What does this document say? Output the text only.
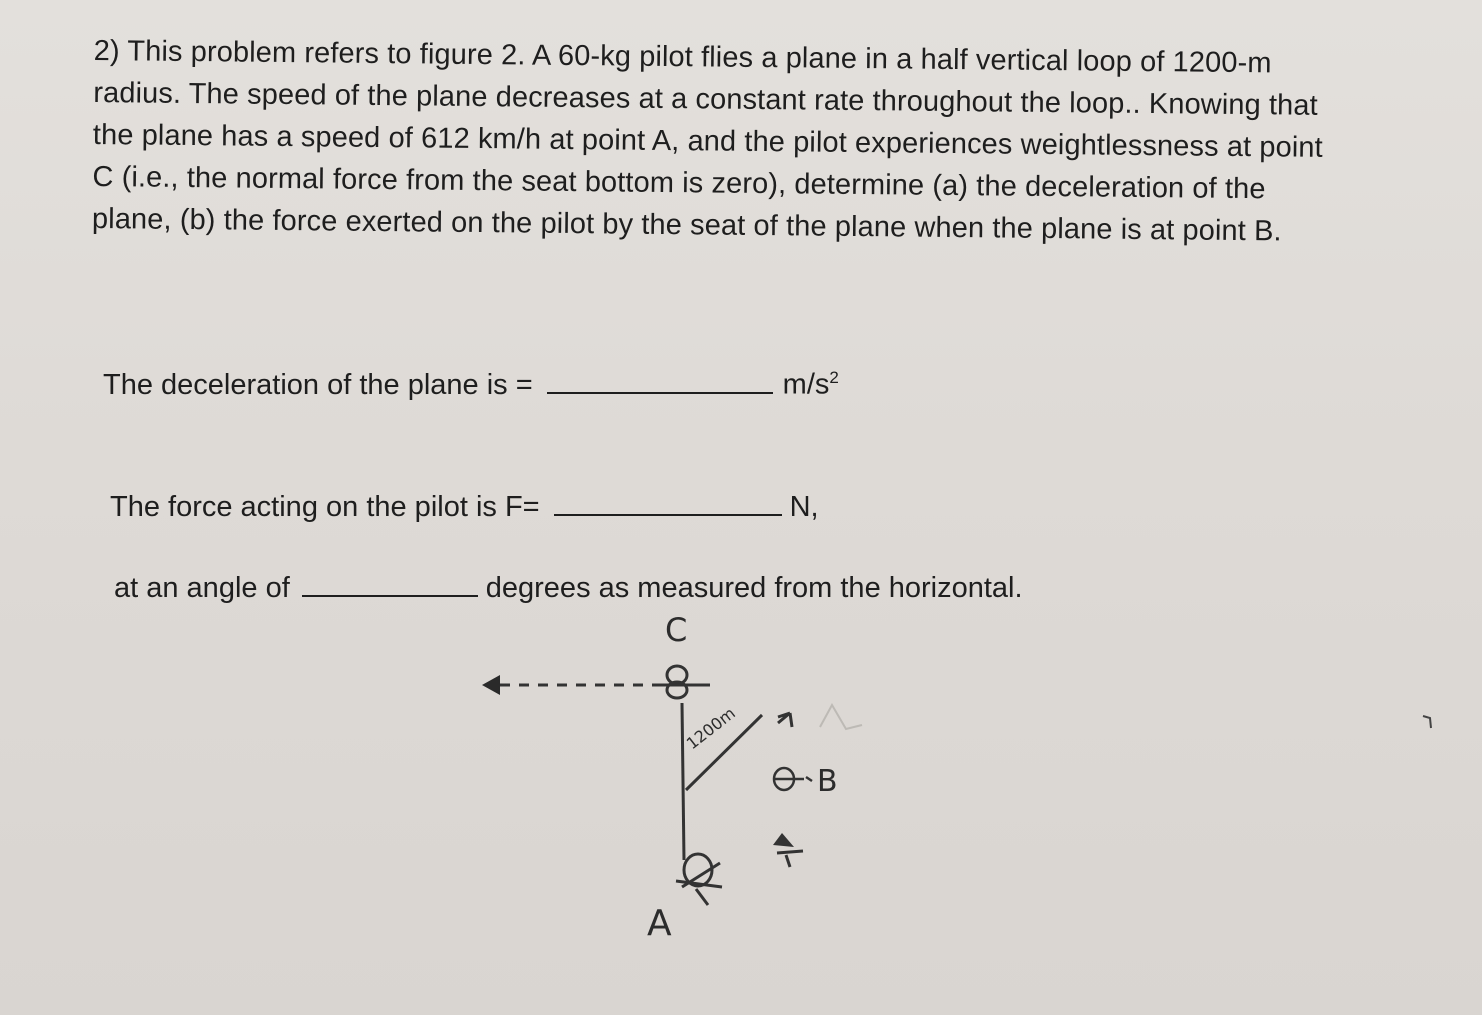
2) This problem refers to figure 2. A 60-kg pilot flies a plane in a half vertical loop of 1200-m
radius. The speed of the plane decreases at a constant rate throughout the loop.. Knowing that
the plane has a speed of 612 km/h at point A, and the pilot experiences weightlessness at point
C (i.e., the normal force from the seat bottom is zero), determine (a) the deceleration of the
plane, (b) the force exerted on the pilot by the seat of the plane when the plane is at point B.
The deceleration of the plane is =	$m/s^2$
The force acting on the pilot is F=	N,
at an angle of	degrees as measured from the horizontal.
C
1200m
B
A
